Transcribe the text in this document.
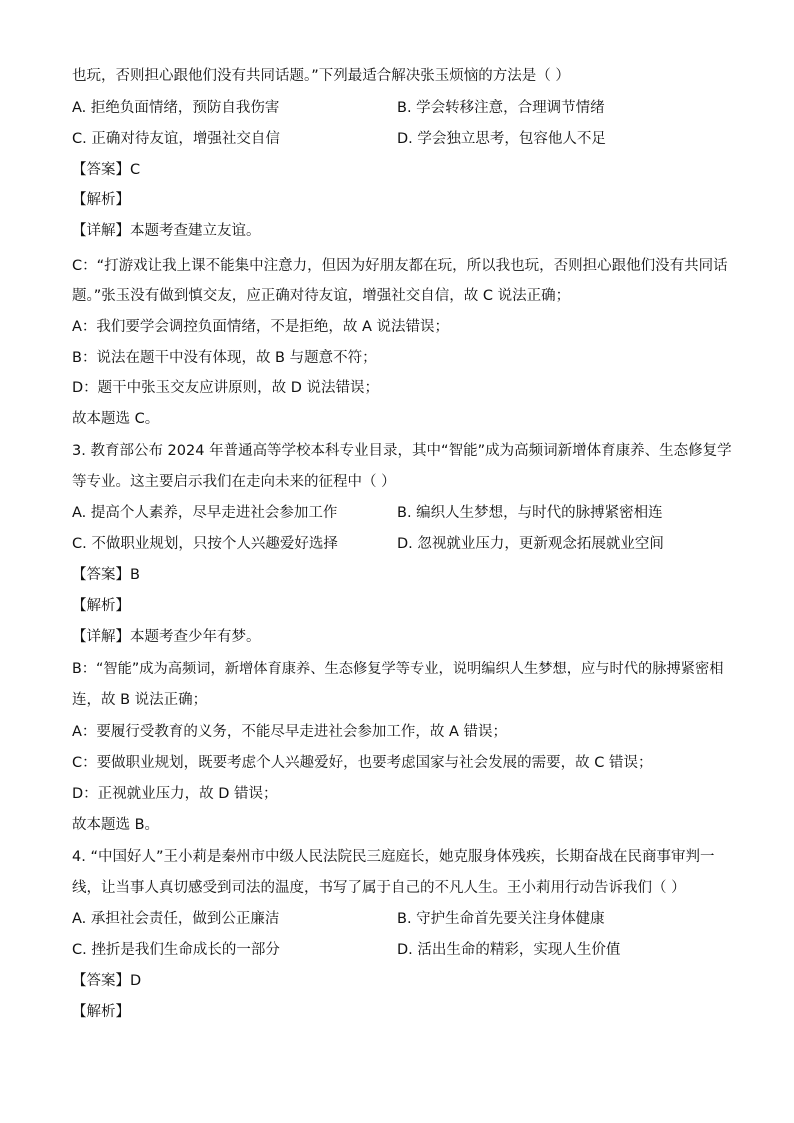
也玩，否则担心跟他们没有共同话题。”下列最适合解决张玉烦恼的方法是（ ）
A. 拒绝负面情绪，预防自我伤害	B. 学会转移注意，合理调节情绪
C. 正确对待友谊，增强社交自信	D. 学会独立思考，包容他人不足
【答案】C
【解析】
【详解】本题考查建立友谊。
C：“打游戏让我上课不能集中注意力，但因为好朋友都在玩，所以我也玩，否则担心跟他们没有共同话
题。”张玉没有做到慎交友，应正确对待友谊，增强社交自信，故 C 说法正确；
A：我们要学会调控负面情绪，不是拒绝，故 A 说法错误；
B：说法在题干中没有体现，故 B 与题意不符；
D：题干中张玉交友应讲原则，故 D 说法错误；
故本题选 C。
3. 教育部公布 2024 年普通高等学校本科专业目录，其中“智能”成为高频词新增体育康养、生态修复学
等专业。这主要启示我们在走向未来的征程中（ ）
A. 提高个人素养，尽早走进社会参加工作	B. 编织人生梦想，与时代的脉搏紧密相连
C. 不做职业规划，只按个人兴趣爱好选择	D. 忽视就业压力，更新观念拓展就业空间
【答案】B
【解析】
【详解】本题考查少年有梦。
B：“智能”成为高频词，新增体育康养、生态修复学等专业，说明编织人生梦想，应与时代的脉搏紧密相
连，故 B 说法正确；
A：要履行受教育的义务，不能尽早走进社会参加工作，故 A 错误；
C：要做职业规划，既要考虑个人兴趣爱好，也要考虑国家与社会发展的需要，故 C 错误；
D：正视就业压力，故 D 错误；
故本题选 B。
4. “中国好人”王小莉是秦州市中级人民法院民三庭庭长，她克服身体残疾，长期奋战在民商事审判一
线，让当事人真切感受到司法的温度，书写了属于自己的不凡人生。王小莉用行动告诉我们（ ）
A. 承担社会责任，做到公正廉洁	B. 守护生命首先要关注身体健康
C. 挫折是我们生命成长的一部分	D. 活出生命的精彩，实现人生价值
【答案】D
【解析】
